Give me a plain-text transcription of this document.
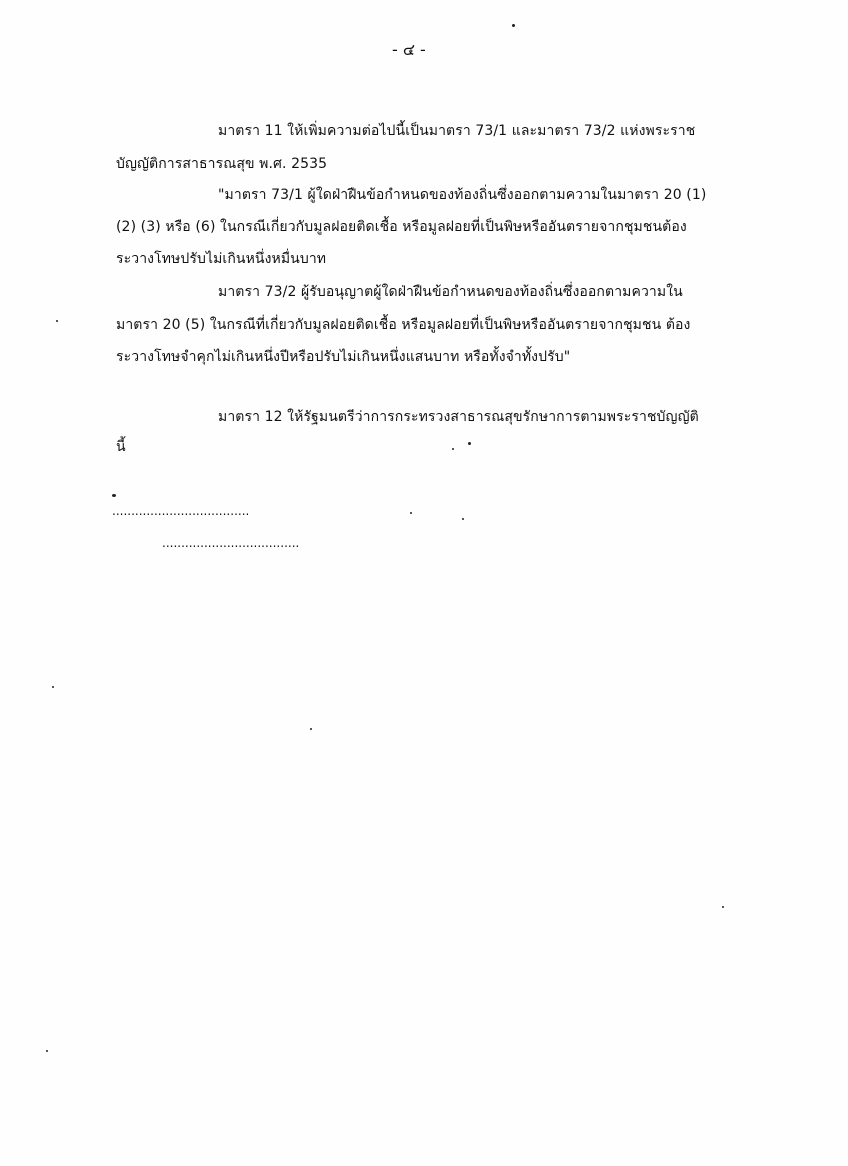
- ๔ -
มาตรา 11 ให้เพิ่มความต่อไปนี้เป็นมาตรา 73/1 และมาตรา 73/2 แห่งพระราช
บัญญัติการสาธารณสุข พ.ศ. 2535
"มาตรา 73/1 ผู้ใดฝ่าฝืนข้อกำหนดของท้องถิ่นซึ่งออกตามความในมาตรา 20 (1)
(2) (3) หรือ (6) ในกรณีเกี่ยวกับมูลฝอยติดเชื้อ หรือมูลฝอยที่เป็นพิษหรืออันตรายจากชุมชนต้อง
ระวางโทษปรับไม่เกินหนึ่งหมื่นบาท
มาตรา 73/2 ผู้รับอนุญาตผู้ใดฝ่าฝืนข้อกำหนดของท้องถิ่นซึ่งออกตามความใน
มาตรา 20 (5) ในกรณีที่เกี่ยวกับมูลฝอยติดเชื้อ หรือมูลฝอยที่เป็นพิษหรืออันตรายจากชุมชน ต้อง
ระวางโทษจำคุกไม่เกินหนึ่งปีหรือปรับไม่เกินหนึ่งแสนบาท หรือทั้งจำทั้งปรับ"
มาตรา 12 ให้รัฐมนตรีว่าการกระทรวงสาธารณสุขรักษาการตามพระราชบัญญัติ
นี้
....................................
....................................
